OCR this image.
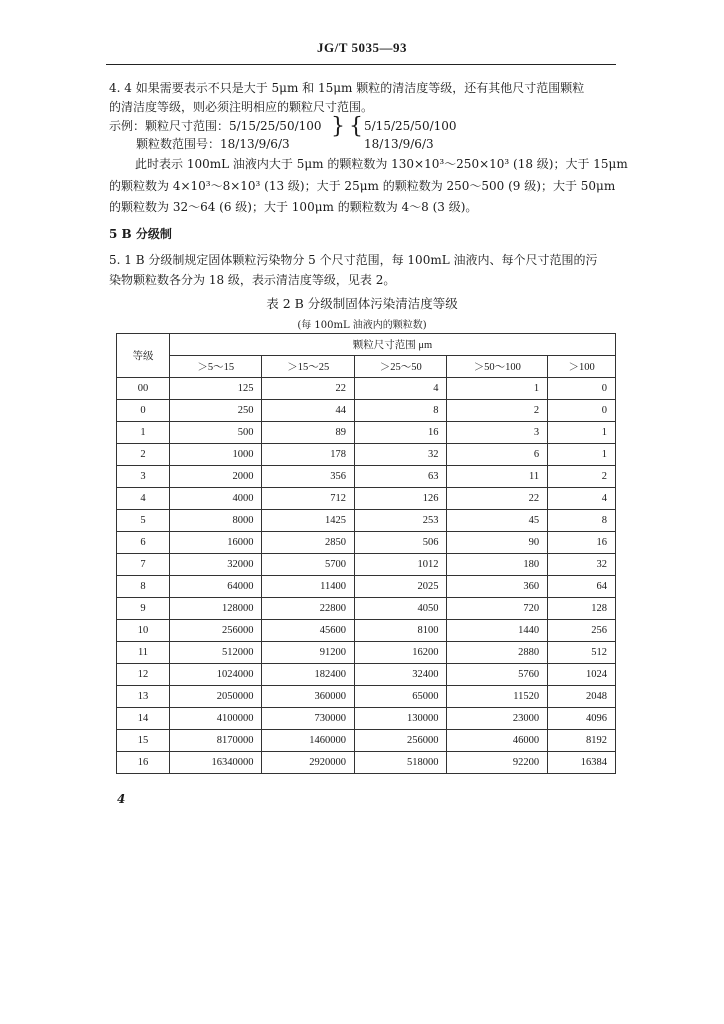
JG/T 5035—93
4. 4 如果需要表示不只是大于 5μm 和 15μm 颗粒的清洁度等级，还有其他尺寸范围颗粒
的清洁度等级，则必须注明相应的颗粒尺寸范围。
示例：颗粒尺寸范围：5/15/25/50/100
颗粒数范围号：18/13/9/6/3
} { 5/15/25/50/100
18/13/9/6/3
此时表示 100mL 油液内大于 5μm 的颗粒数为 130×10³～250×10³ (18 级)；大于 15μm
的颗粒数为 4×10³～8×10³ (13 级)；大于 25μm 的颗粒数为 250～500 (9 级)；大于 50μm
的颗粒数为 32～64 (6 级)；大于 100μm 的颗粒数为 4～8 (3 级)。
5 B 分级制
5. 1 B 分级制规定固体颗粒污染物分 5 个尺寸范围，每 100mL 油液内、每个尺寸范围的污
染物颗粒数各分为 18 级，表示清洁度等级，见表 2。
表 2 B 分级制固体污染清洁度等级
(每 100mL 油液内的颗粒数)
等级	颗粒尺寸范围 μm				
	＞5～15	＞15～25	＞25～50	＞50～100	＞100
00	125	22	4	1	0
0	250	44	8	2	0
1	500	89	16	3	1
2	1000	178	32	6	1
3	2000	356	63	11	2
4	4000	712	126	22	4
5	8000	1425	253	45	8
6	16000	2850	506	90	16
7	32000	5700	1012	180	32
8	64000	11400	2025	360	64
9	128000	22800	4050	720	128
10	256000	45600	8100	1440	256
11	512000	91200	16200	2880	512
12	1024000	182400	32400	5760	1024
13	2050000	360000	65000	11520	2048
14	4100000	730000	130000	23000	4096
15	8170000	1460000	256000	46000	8192
16	16340000	2920000	518000	92200	16384
4
